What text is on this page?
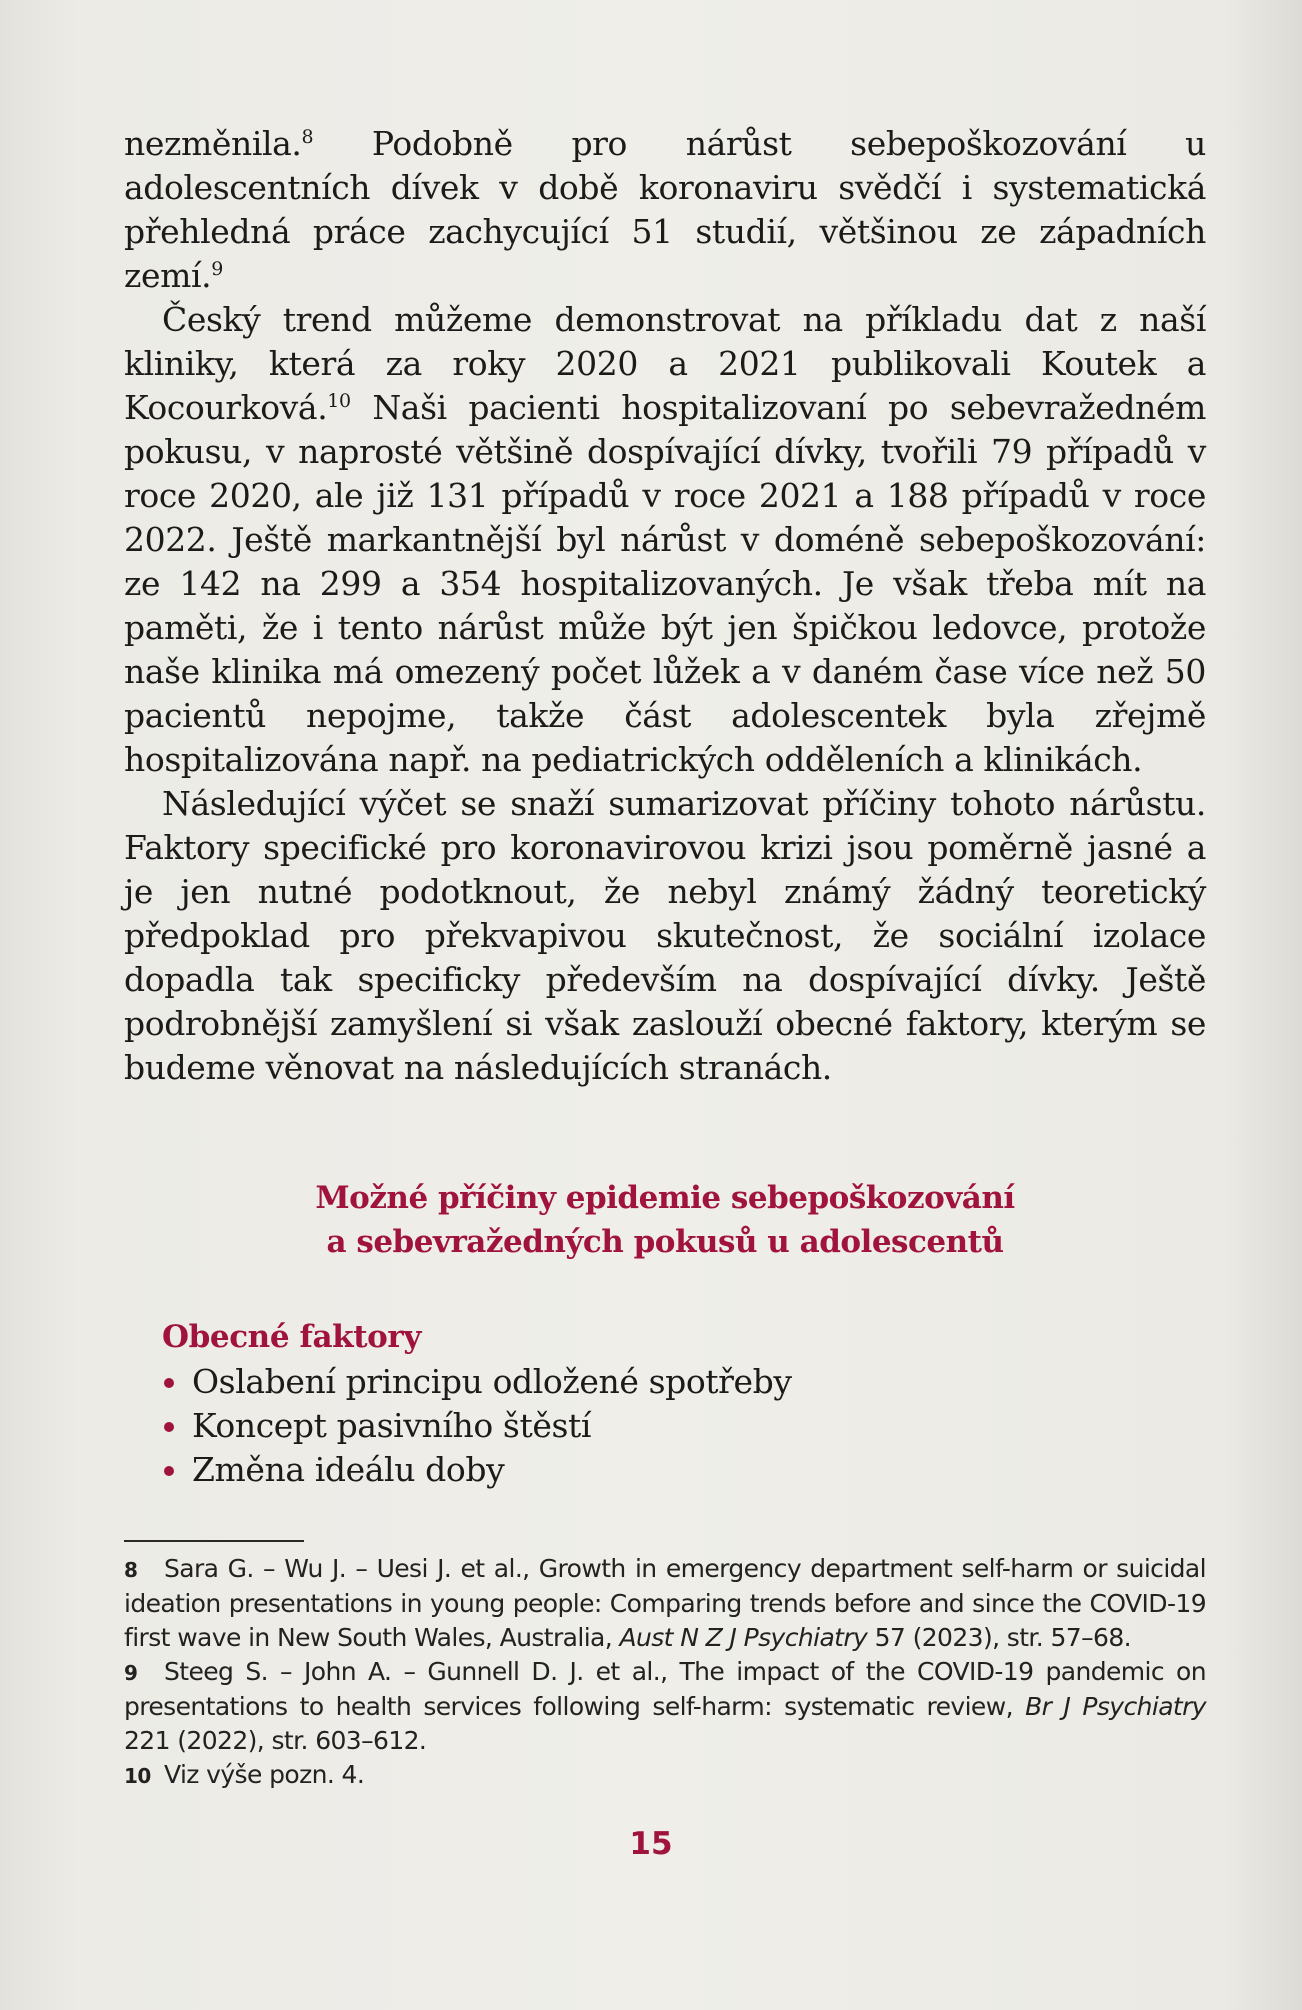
nezměnila.$^8$ Podobně pro nárůst sebepoškozování u adolescentních dívek v době koronaviru svědčí i systematická přehledná práce zachycující 51 studií, většinou ze západních zemí.$^9$

Český trend můžeme demonstrovat na příkladu dat z naší kliniky, která za roky 2020 a 2021 publikovali Koutek a Kocourková.$^{10}$ Naši pacienti hospitalizovaní po sebevražedném pokusu, v naprosté většině dospívající dívky, tvořili 79 případů v roce 2020, ale již 131 případů v roce 2021 a 188 případů v roce 2022. Ještě markantnější byl nárůst v doméně sebepoškozování: ze 142 na 299 a 354 hospitalizovaných. Je však třeba mít na paměti, že i tento nárůst může být jen špičkou ledovce, protože naše klinika má omezený počet lůžek a v daném čase více než 50 pacientů nepojme, takže část adolescentek byla zřejmě hospitalizována např. na pediatrických odděleních a klinikách.

Následující výčet se snaží sumarizovat příčiny tohoto nárůstu. Faktory specifické pro koronavirovou krizi jsou poměrně jasné a je jen nutné podotknout, že nebyl známý žádný teoretický předpoklad pro překvapivou skutečnost, že sociální izolace dopadla tak specificky především na dospívající dívky. Ještě podrobnější zamyšlení si však zaslouží obecné faktory, kterým se budeme věnovat na následujících stranách.

Možné příčiny epidemie sebepoškozování
a sebevražedných pokusů u adolescentů
Obecné faktory
Oslabení principu odložené spotřeby
Koncept pasivního štěstí
Změna ideálu doby

8 Sara G. – Wu J. – Uesi J. et al., Growth in emergency department self-harm or suicidal ideation presentations in young people: Comparing trends before and since the COVID-19 first wave in New South Wales, Australia, Aust N Z J Psychiatry 57 (2023), str. 57–68.

9 Steeg S. – John A. – Gunnell D. J. et al., The impact of the COVID-19 pandemic on presentations to health services following self-harm: systematic review, Br J Psychiatry 221 (2022), str. 603–612.

10 Viz výše pozn. 4.

15
